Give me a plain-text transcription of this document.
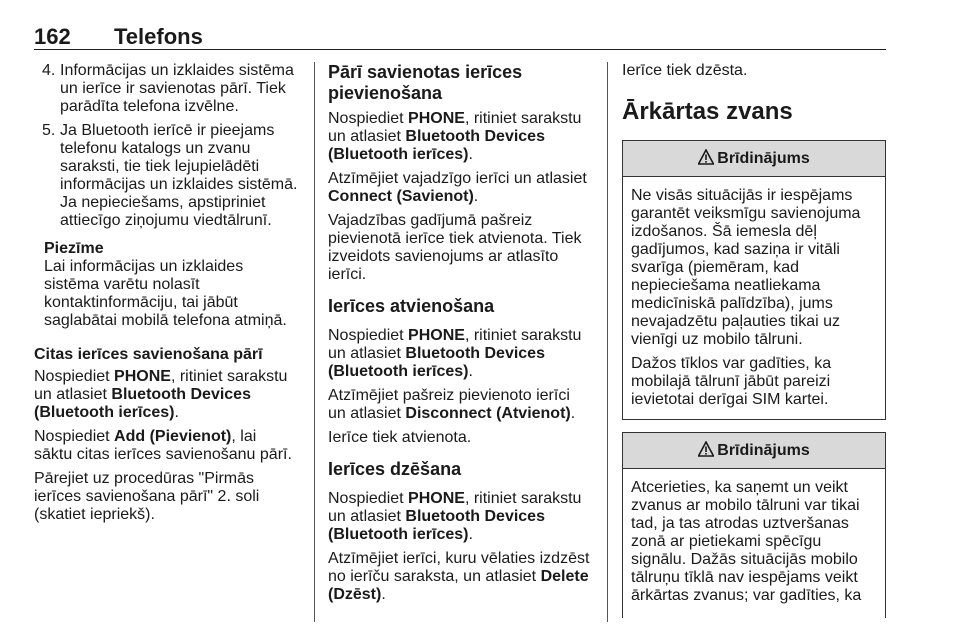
162 Telefons
4. Informācijas un izklaides sistēma un ierīce ir savienotas pārī. Tiek parādīta telefona izvēlne.
5. Ja Bluetooth ierīcē ir pieejams telefonu katalogs un zvanu saraksti, tie tiek lejupielādēti informācijas un izklaides sistēmā. Ja nepieciešams, apstipriniet attiecīgo ziņojumu viedtālrunī.
Piezīme
Lai informācijas un izklaides sistēma varētu nolasīt kontaktinformāciju, tai jābūt saglabātai mobilā telefona atmiņā.
Citas ierīces savienošana pārī

Nospiediet PHONE, ritiniet sarakstu un atlasiet Bluetooth Devices (Bluetooth ierīces).

Nospiediet Add (Pievienot), lai sāktu citas ierīces savienošanu pārī.

Pārejiet uz procedūras "Pirmās ierīces savienošana pārī" 2. soli (skatiet iepriekš).

Pārī savienotas ierīces pievienošana

Nospiediet PHONE, ritiniet sarakstu un atlasiet Bluetooth Devices (Bluetooth ierīces).

Atzīmējiet vajadzīgo ierīci un atlasiet Connect (Savienot).

Vajadzības gadījumā pašreiz pievienotā ierīce tiek atvienota. Tiek izveidots savienojums ar atlasīto ierīci.

Ierīces atvienošana

Nospiediet PHONE, ritiniet sarakstu un atlasiet Bluetooth Devices (Bluetooth ierīces).

Atzīmējiet pašreiz pievienoto ierīci un atlasiet Disconnect (Atvienot).

Ierīce tiek atvienota.

Ierīces dzēšana

Nospiediet PHONE, ritiniet sarakstu un atlasiet Bluetooth Devices (Bluetooth ierīces).

Atzīmējiet ierīci, kuru vēlaties izdzēst no ierīču saraksta, un atlasiet Delete (Dzēst).

Ierīce tiek dzēsta.

Ārkārtas zvans
Brīdinājums

Ne visās situācijās ir iespējams garantēt veiksmīgu savienojuma izdošanos. Šā iemesla dēļ gadījumos, kad saziņa ir vitāli svarīga (piemēram, kad nepieciešama neatliekama medicīniskā palīdzība), jums nevajadzētu paļauties tikai uz vienīgi uz mobilo tālruni.

Dažos tīklos var gadīties, ka mobilajā tālrunī jābūt pareizi ievietotai derīgai SIM kartei.

Brīdinājums

Atcerieties, ka saņemt un veikt zvanus ar mobilo tālruni var tikai tad, ja tas atrodas uztveršanas zonā ar pietiekami spēcīgu signālu. Dažās situācijās mobilo tālruņu tīklā nav iespējams veikt ārkārtas zvanus; var gadīties, ka
